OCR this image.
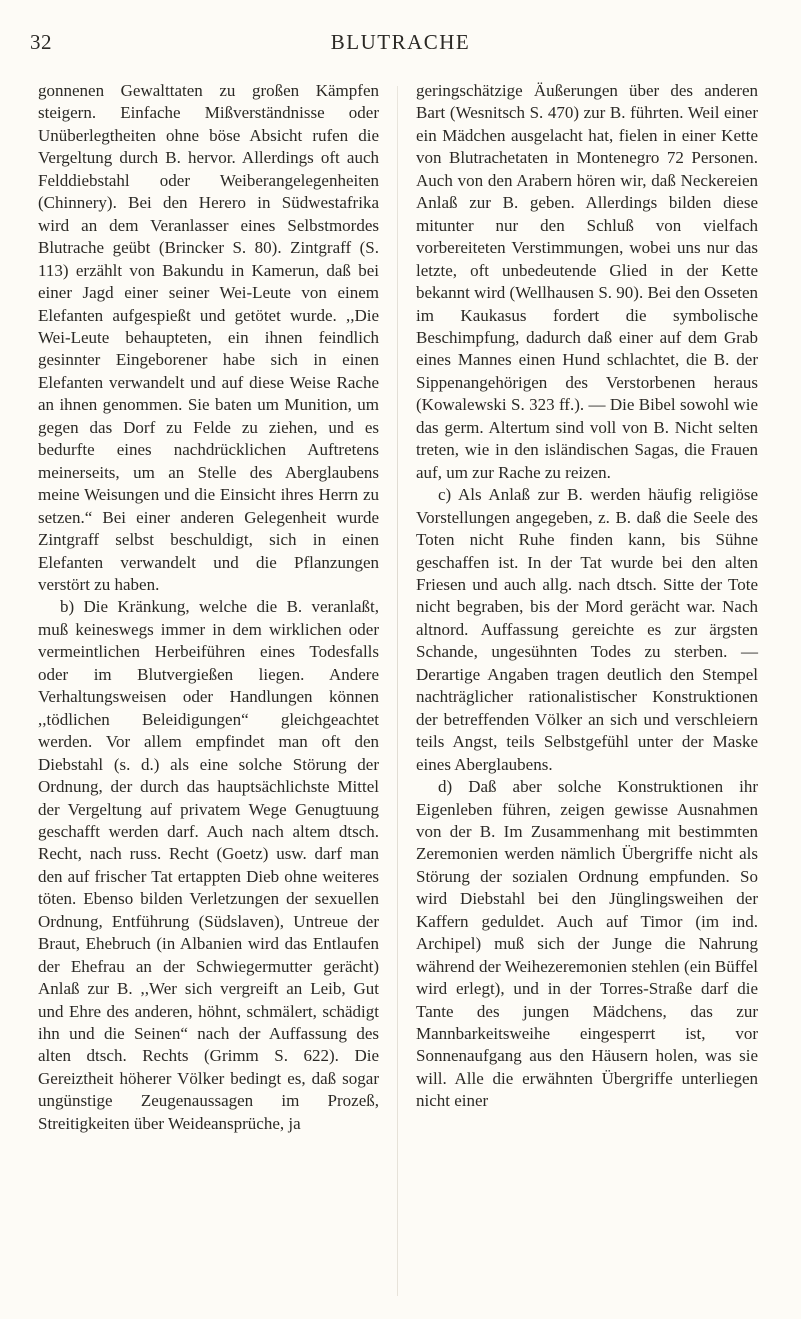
32	BLUTRACHE

gonnenen Gewalttaten zu großen Kämpfen steigern. Einfache Mißverständnisse oder Unüberlegtheiten ohne böse Absicht rufen die Vergeltung durch B. hervor. Allerdings oft auch Felddiebstahl oder Weiberangelegenheiten (Chinnery). Bei den Herero in Südwestafrika wird an dem Veranlasser eines Selbstmordes Blutrache geübt (Brincker S. 80). Zintgraff (S. 113) erzählt von Bakundu in Kamerun, daß bei einer Jagd einer seiner Wei-Leute von einem Elefanten aufgespießt und getötet wurde. ,,Die Wei-Leute behaupteten, ein ihnen feindlich gesinnter Eingeborener habe sich in einen Elefanten verwandelt und auf diese Weise Rache an ihnen genommen. Sie baten um Munition, um gegen das Dorf zu Felde zu ziehen, und es bedurfte eines nachdrücklichen Auftretens meinerseits, um an Stelle des Aberglaubens meine Weisungen und die Einsicht ihres Herrn zu setzen.“ Bei einer anderen Gelegenheit wurde Zintgraff selbst beschuldigt, sich in einen Elefanten verwandelt und die Pflanzungen verstört zu haben.

b) Die Kränkung, welche die B. veranlaßt, muß keineswegs immer in dem wirklichen oder vermeintlichen Herbeiführen eines Todesfalls oder im Blutvergießen liegen. Andere Verhaltungsweisen oder Handlungen können ,,tödlichen Beleidigungen“ gleichgeachtet werden. Vor allem empfindet man oft den Diebstahl (s. d.) als eine solche Störung der Ordnung, der durch das hauptsächlichste Mittel der Vergeltung auf privatem Wege Genugtuung geschafft werden darf. Auch nach altem dtsch. Recht, nach russ. Recht (Goetz) usw. darf man den auf frischer Tat ertappten Dieb ohne weiteres töten. Ebenso bilden Verletzungen der sexuellen Ordnung, Entführung (Südslaven), Untreue der Braut, Ehebruch (in Albanien wird das Entlaufen der Ehefrau an der Schwiegermutter gerächt) Anlaß zur B. ,,Wer sich vergreift an Leib, Gut und Ehre des anderen, höhnt, schmälert, schädigt ihn und die Seinen“ nach der Auffassung des alten dtsch. Rechts (Grimm S. 622). Die Gereiztheit höherer Völker bedingt es, daß sogar ungünstige Zeugenaussagen im Prozeß, Streitigkeiten über Weideansprüche, ja

geringschätzige Äußerungen über des anderen Bart (Wesnitsch S. 470) zur B. führten. Weil einer ein Mädchen ausgelacht hat, fielen in einer Kette von Blutrachetaten in Montenegro 72 Personen. Auch von den Arabern hören wir, daß Neckereien Anlaß zur B. geben. Allerdings bilden diese mitunter nur den Schluß von vielfach vorbereiteten Verstimmungen, wobei uns nur das letzte, oft unbedeutende Glied in der Kette bekannt wird (Wellhausen S. 90). Bei den Osseten im Kaukasus fordert die symbolische Beschimpfung, dadurch daß einer auf dem Grab eines Mannes einen Hund schlachtet, die B. der Sippenangehörigen des Verstorbenen heraus (Kowalewski S. 323 ff.). — Die Bibel sowohl wie das germ. Altertum sind voll von B. Nicht selten treten, wie in den isländischen Sagas, die Frauen auf, um zur Rache zu reizen.

c) Als Anlaß zur B. werden häufig religiöse Vorstellungen angegeben, z. B. daß die Seele des Toten nicht Ruhe finden kann, bis Sühne geschaffen ist. In der Tat wurde bei den alten Friesen und auch allg. nach dtsch. Sitte der Tote nicht begraben, bis der Mord gerächt war. Nach altnord. Auffassung gereichte es zur ärgsten Schande, ungesühnten Todes zu sterben. — Derartige Angaben tragen deutlich den Stempel nachträglicher rationalistischer Konstruktionen der betreffenden Völker an sich und verschleiern teils Angst, teils Selbstgefühl unter der Maske eines Aberglaubens.

d) Daß aber solche Konstruktionen ihr Eigenleben führen, zeigen gewisse Ausnahmen von der B. Im Zusammenhang mit bestimmten Zeremonien werden nämlich Übergriffe nicht als Störung der sozialen Ordnung empfunden. So wird Diebstahl bei den Jünglingsweihen der Kaffern geduldet. Auch auf Timor (im ind. Archipel) muß sich der Junge die Nahrung während der Weihezeremonien stehlen (ein Büffel wird erlegt), und in der Torres-Straße darf die Tante des jungen Mädchens, das zur Mannbarkeitsweihe eingesperrt ist, vor Sonnenaufgang aus den Häusern holen, was sie will. Alle die erwähnten Übergriffe unterliegen nicht einer
